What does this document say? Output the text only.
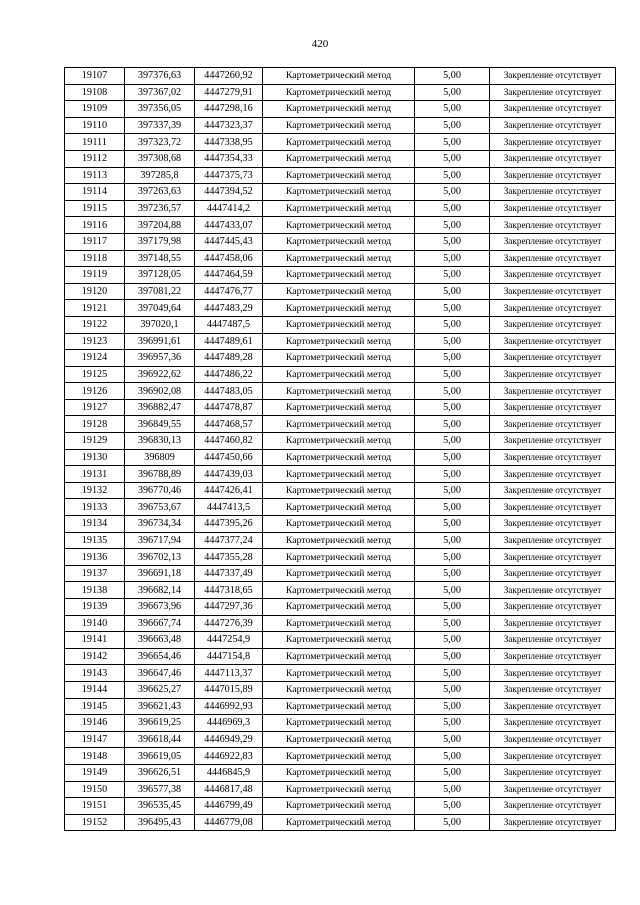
420
19107	397376,63	4447260,92	Картометрический метод	5,00	Закрепление отсутствует
19108	397367,02	4447279,91	Картометрический метод	5,00	Закрепление отсутствует
19109	397356,05	4447298,16	Картометрический метод	5,00	Закрепление отсутствует
19110	397337,39	4447323,37	Картометрический метод	5,00	Закрепление отсутствует
19111	397323,72	4447338,95	Картометрический метод	5,00	Закрепление отсутствует
19112	397308,68	4447354,33	Картометрический метод	5,00	Закрепление отсутствует
19113	397285,8	4447375,73	Картометрический метод	5,00	Закрепление отсутствует
19114	397263,63	4447394,52	Картометрический метод	5,00	Закрепление отсутствует
19115	397236,57	4447414,2	Картометрический метод	5,00	Закрепление отсутствует
19116	397204,88	4447433,07	Картометрический метод	5,00	Закрепление отсутствует
19117	397179,98	4447445,43	Картометрический метод	5,00	Закрепление отсутствует
19118	397148,55	4447458,06	Картометрический метод	5,00	Закрепление отсутствует
19119	397128,05	4447464,59	Картометрический метод	5,00	Закрепление отсутствует
19120	397081,22	4447476,77	Картометрический метод	5,00	Закрепление отсутствует
19121	397049,64	4447483,29	Картометрический метод	5,00	Закрепление отсутствует
19122	397020,1	4447487,5	Картометрический метод	5,00	Закрепление отсутствует
19123	396991,61	4447489,61	Картометрический метод	5,00	Закрепление отсутствует
19124	396957,36	4447489,28	Картометрический метод	5,00	Закрепление отсутствует
19125	396922,62	4447486,22	Картометрический метод	5,00	Закрепление отсутствует
19126	396902,08	4447483,05	Картометрический метод	5,00	Закрепление отсутствует
19127	396882,47	4447478,87	Картометрический метод	5,00	Закрепление отсутствует
19128	396849,55	4447468,57	Картометрический метод	5,00	Закрепление отсутствует
19129	396830,13	4447460,82	Картометрический метод	5,00	Закрепление отсутствует
19130	396809	4447450,66	Картометрический метод	5,00	Закрепление отсутствует
19131	396788,89	4447439,03	Картометрический метод	5,00	Закрепление отсутствует
19132	396770,46	4447426,41	Картометрический метод	5,00	Закрепление отсутствует
19133	396753,67	4447413,5	Картометрический метод	5,00	Закрепление отсутствует
19134	396734,34	4447395,26	Картометрический метод	5,00	Закрепление отсутствует
19135	396717,94	4447377,24	Картометрический метод	5,00	Закрепление отсутствует
19136	396702,13	4447355,28	Картометрический метод	5,00	Закрепление отсутствует
19137	396691,18	4447337,49	Картометрический метод	5,00	Закрепление отсутствует
19138	396682,14	4447318,65	Картометрический метод	5,00	Закрепление отсутствует
19139	396673,96	4447297,36	Картометрический метод	5,00	Закрепление отсутствует
19140	396667,74	4447276,39	Картометрический метод	5,00	Закрепление отсутствует
19141	396663,48	4447254,9	Картометрический метод	5,00	Закрепление отсутствует
19142	396654,46	4447154,8	Картометрический метод	5,00	Закрепление отсутствует
19143	396647,46	4447113,37	Картометрический метод	5,00	Закрепление отсутствует
19144	396625,27	4447015,89	Картометрический метод	5,00	Закрепление отсутствует
19145	396621,43	4446992,93	Картометрический метод	5,00	Закрепление отсутствует
19146	396619,25	4446969,3	Картометрический метод	5,00	Закрепление отсутствует
19147	396618,44	4446949,29	Картометрический метод	5,00	Закрепление отсутствует
19148	396619,05	4446922,83	Картометрический метод	5,00	Закрепление отсутствует
19149	396626,51	4446845,9	Картометрический метод	5,00	Закрепление отсутствует
19150	396577,38	4446817,48	Картометрический метод	5,00	Закрепление отсутствует
19151	396535,45	4446799,49	Картометрический метод	5,00	Закрепление отсутствует
19152	396495,43	4446779,08	Картометрический метод	5,00	Закрепление отсутствует
